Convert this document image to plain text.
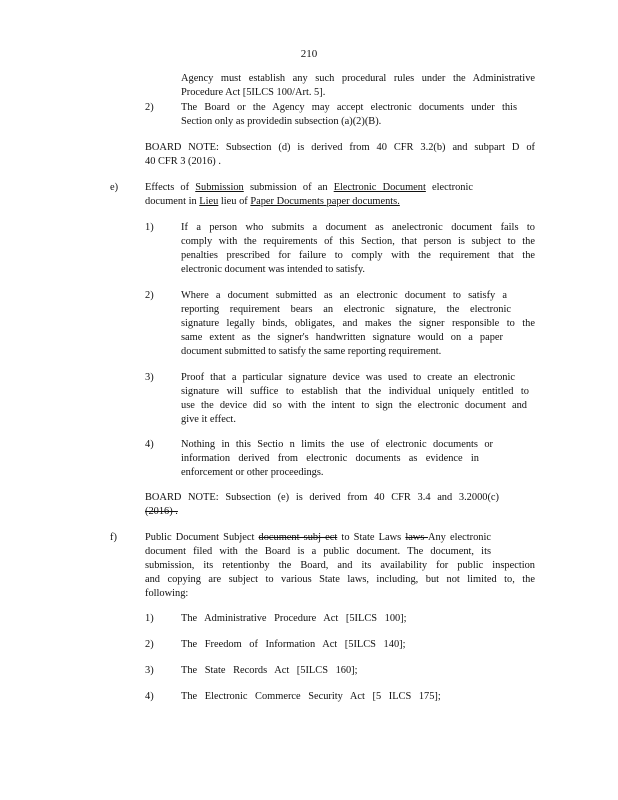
210
Agency must establish any such procedural rules under the Administrative
Procedure Act [5ILCS 100/Art. 5].
2)	The Board or the Agency may accept electronic documents under this
Section only as providedin subsection (a)(2)(B).
BOARD NOTE: Subsection (d) is derived from 40 CFR 3.2(b) and subpart D of
40 CFR 3 (2016) .
e)	Effects of Submission submission of an Electronic Document electronic
document in Lieu lieu of Paper Documents paper documents.
1)	If a person who submits a document as anelectronic document fails to
comply with the requirements of this Section, that person is subject to the
penalties prescribed for failure to comply with the requirement that the
electronic document was intended to satisfy.
2)	Where a document submitted as an electronic document to satisfy a
reporting requirement bears an electronic signature, the electronic
signature legally binds, obligates, and makes the signer responsible to the
same extent as the signer's handwritten signature would on a paper
document submitted to satisfy the same reporting requirement.
3)	Proof that a particular signature device was used to create an electronic
signature will suffice to establish that the individual uniquely entitled to
use the device did so with the intent to sign the electronic document and
give it effect.
4)	Nothing in this Sectio n limits the use of electronic documents or
information derived from electronic documents as evidence in
enforcement or other proceedings.
BOARD NOTE: Subsection (e) is derived from 40 CFR 3.4 and 3.2000(c)
(2016) .
f)	Public Document Subject document subj ect to State Laws laws Any electronic
document filed with the Board is a public document. The document, its
submission, its retentionby the Board, and its availability for public inspection
and copying are subject to various State laws, including, but not limited to, the
following:
1)	The Administrative Procedure Act [5ILCS 100];
2)	The Freedom of Information Act [5ILCS 140];
3)	The State Records Act [5ILCS 160];
4)	The Electronic Commerce Security Act [5 ILCS 175];
